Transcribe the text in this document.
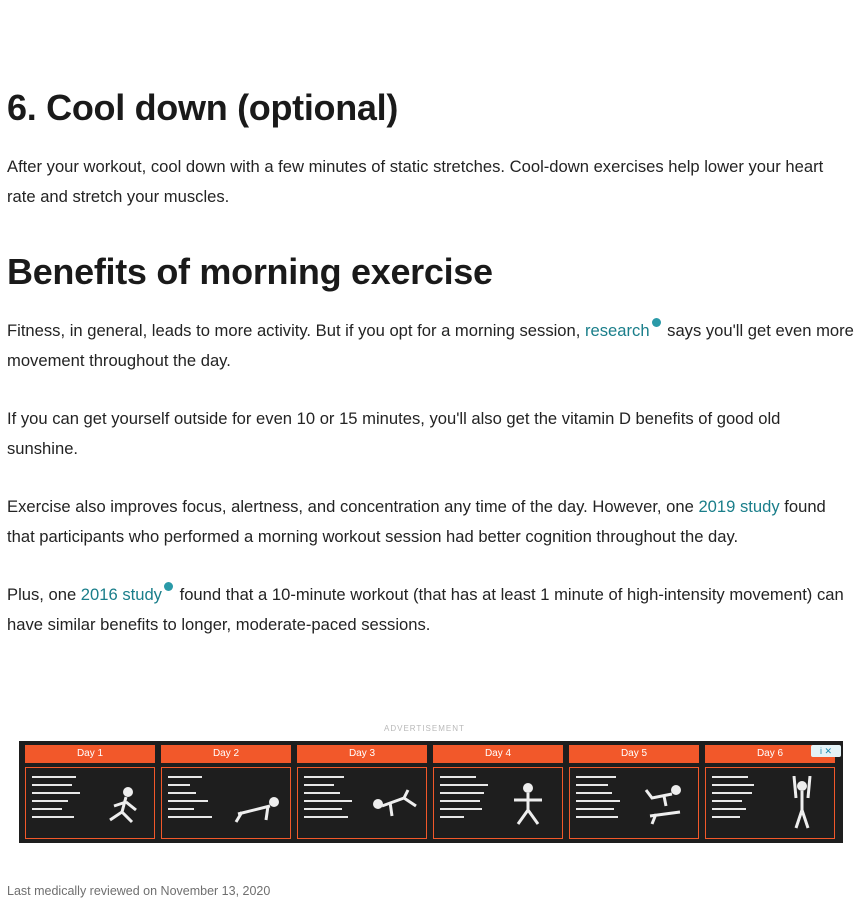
6. Cool down (optional)

After your workout, cool down with a few minutes of static stretches. Cool-down exercises help lower your heart rate and stretch your muscles.

Benefits of morning exercise

Fitness, in general, leads to more activity. But if you opt for a morning session, research says you'll get even more movement throughout the day.

If you can get yourself outside for even 10 or 15 minutes, you'll also get the vitamin D benefits of good old sunshine.

Exercise also improves focus, alertness, and concentration any time of the day. However, one 2019 study found that participants who performed a morning workout session had better cognition throughout the day.

Plus, one 2016 study found that a 10-minute workout (that has at least 1 minute of high-intensity movement) can have similar benefits to longer, moderate-paced sessions.

ADVERTISEMENT
Day 1	Day 2	Day 3	Day 4	Day 5	Day 6	i ✕
Last medically reviewed on November 13, 2020
